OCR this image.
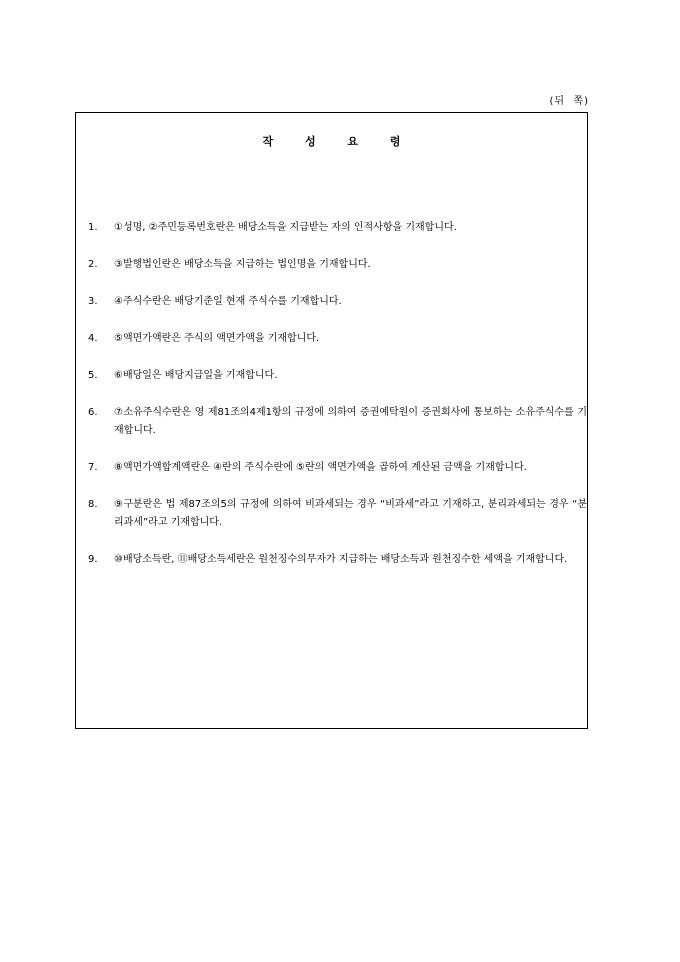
(뒤  쪽)
작 성 요 령
1.	①성명, ②주민등록번호란은 배당소득을 지급받는 자의 인적사항을 기재합니다.
2.	③발행법인란은 배당소득을 지급하는 법인명을 기재합니다.
3.	④주식수란은 배당기준일 현재 주식수를 기재합니다.
4.	⑤액면가액란은 주식의 액면가액을 기재합니다.
5.	⑥배당일은 배당지급일을 기재합니다.
6.	⑦소유주식수란은 영 제81조의4제1항의 규정에 의하여 증권예탁원이 증권회사에 통보하는 소유주식수를 기재합니다.
7.	⑧액면가액합계액란은 ④란의 주식수란에 ⑤란의 액면가액을 곱하여 계산된 금액을 기재합니다.
8.	⑨구분란은 법 제87조의5의 규정에 의하여 비과세되는 경우 “비과세”라고 기재하고, 분리과세되는 경우 “분리과세”라고 기재합니다.
9.	⑩배당소득란, ⑪배당소득세란은 원천징수의무자가 지급하는 배당소득과 원천징수한 세액을 기재합니다.
